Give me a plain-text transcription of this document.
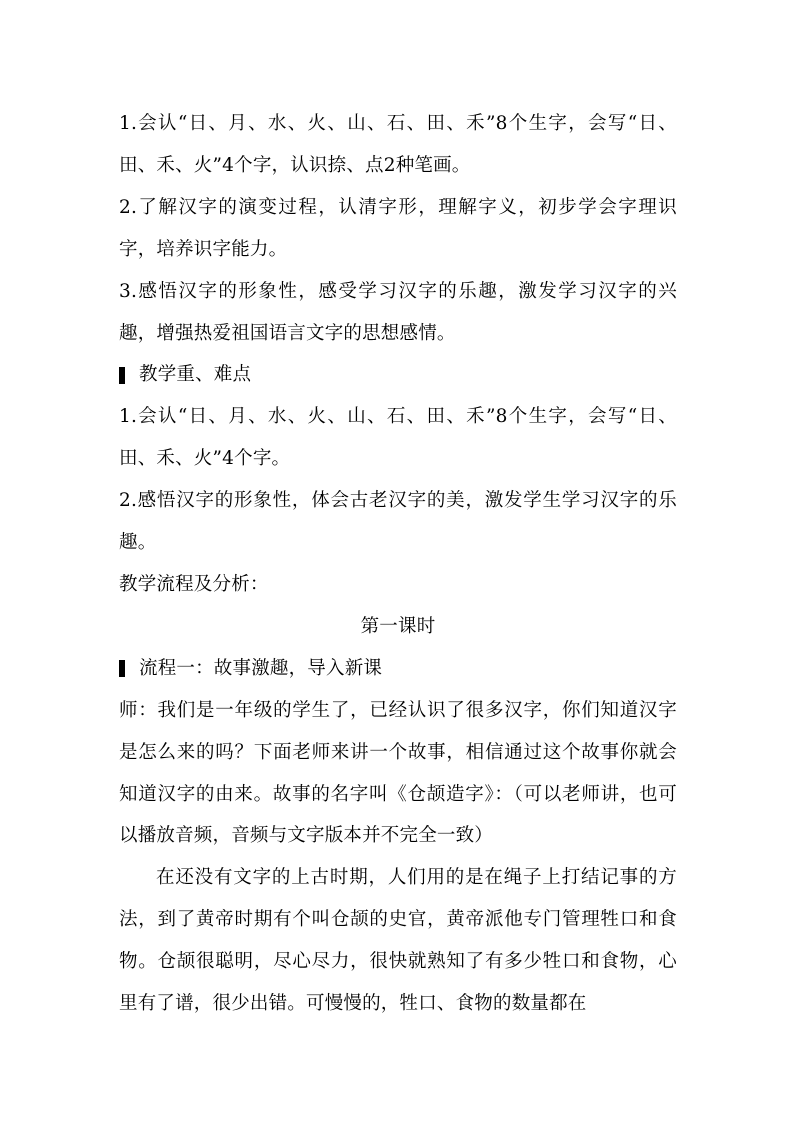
1.会认“日、月、水、火、山、石、田、禾”8个生字，会写“日、田、禾、火”4个字，认识捺、点2种笔画。

2.了解汉字的演变过程，认清字形，理解字义，初步学会字理识字，培养识字能力。

3.感悟汉字的形象性，感受学习汉字的乐趣，激发学习汉字的兴趣，增强热爱祖国语言文字的思想感情。

教学重、难点

1.会认“日、月、水、火、山、石、田、禾”8个生字，会写“日、田、禾、火”4个字。

2.感悟汉字的形象性，体会古老汉字的美，激发学生学习汉字的乐趣。

教学流程及分析：

第一课时

流程一：故事激趣，导入新课

师：我们是一年级的学生了，已经认识了很多汉字，你们知道汉字是怎么来的吗？下面老师来讲一个故事，相信通过这个故事你就会知道汉字的由来。故事的名字叫《仓颉造字》：（可以老师讲，也可以播放音频，音频与文字版本并不完全一致）

在还没有文字的上古时期，人们用的是在绳子上打结记事的方法，到了黄帝时期有个叫仓颉的史官，黄帝派他专门管理牲口和食物。仓颉很聪明，尽心尽力，很快就熟知了有多少牲口和食物，心里有了谱，很少出错。可慢慢的，牲口、食物的数量都在
